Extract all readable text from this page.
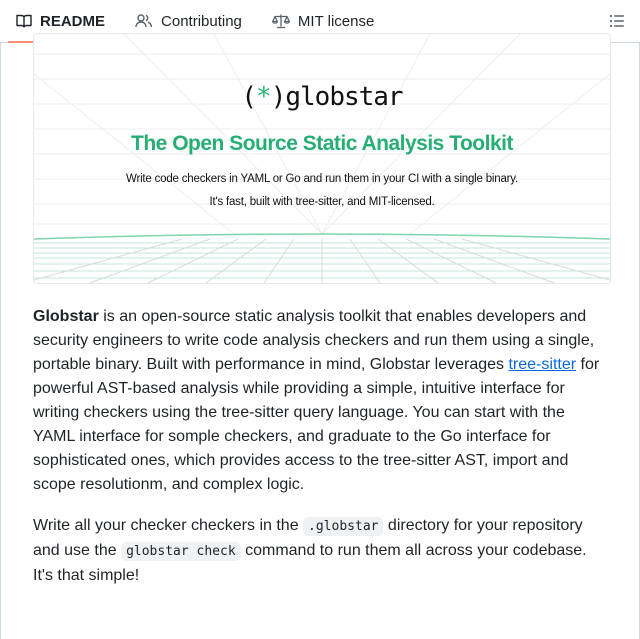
README	Contributing	MIT license
(*)globstar
The Open Source Static Analysis Toolkit
Write code checkers in YAML or Go and run them in your CI with a single binary.
It's fast, built with tree-sitter, and MIT-licensed.

Globstar is an open-source static analysis toolkit that enables developers and security engineers to write code analysis checkers and run them using a single, portable binary. Built with performance in mind, Globstar leverages tree-sitter for powerful AST-based analysis while providing a simple, intuitive interface for writing checkers using the tree-sitter query language. You can start with the YAML interface for somple checkers, and graduate to the Go interface for sophisticated ones, which provides access to the tree-sitter AST, import and scope resolutionm, and complex logic.

Write all your checker checkers in the .globstar directory for your repository and use the globstar check command to run them all across your codebase. It's that simple!
